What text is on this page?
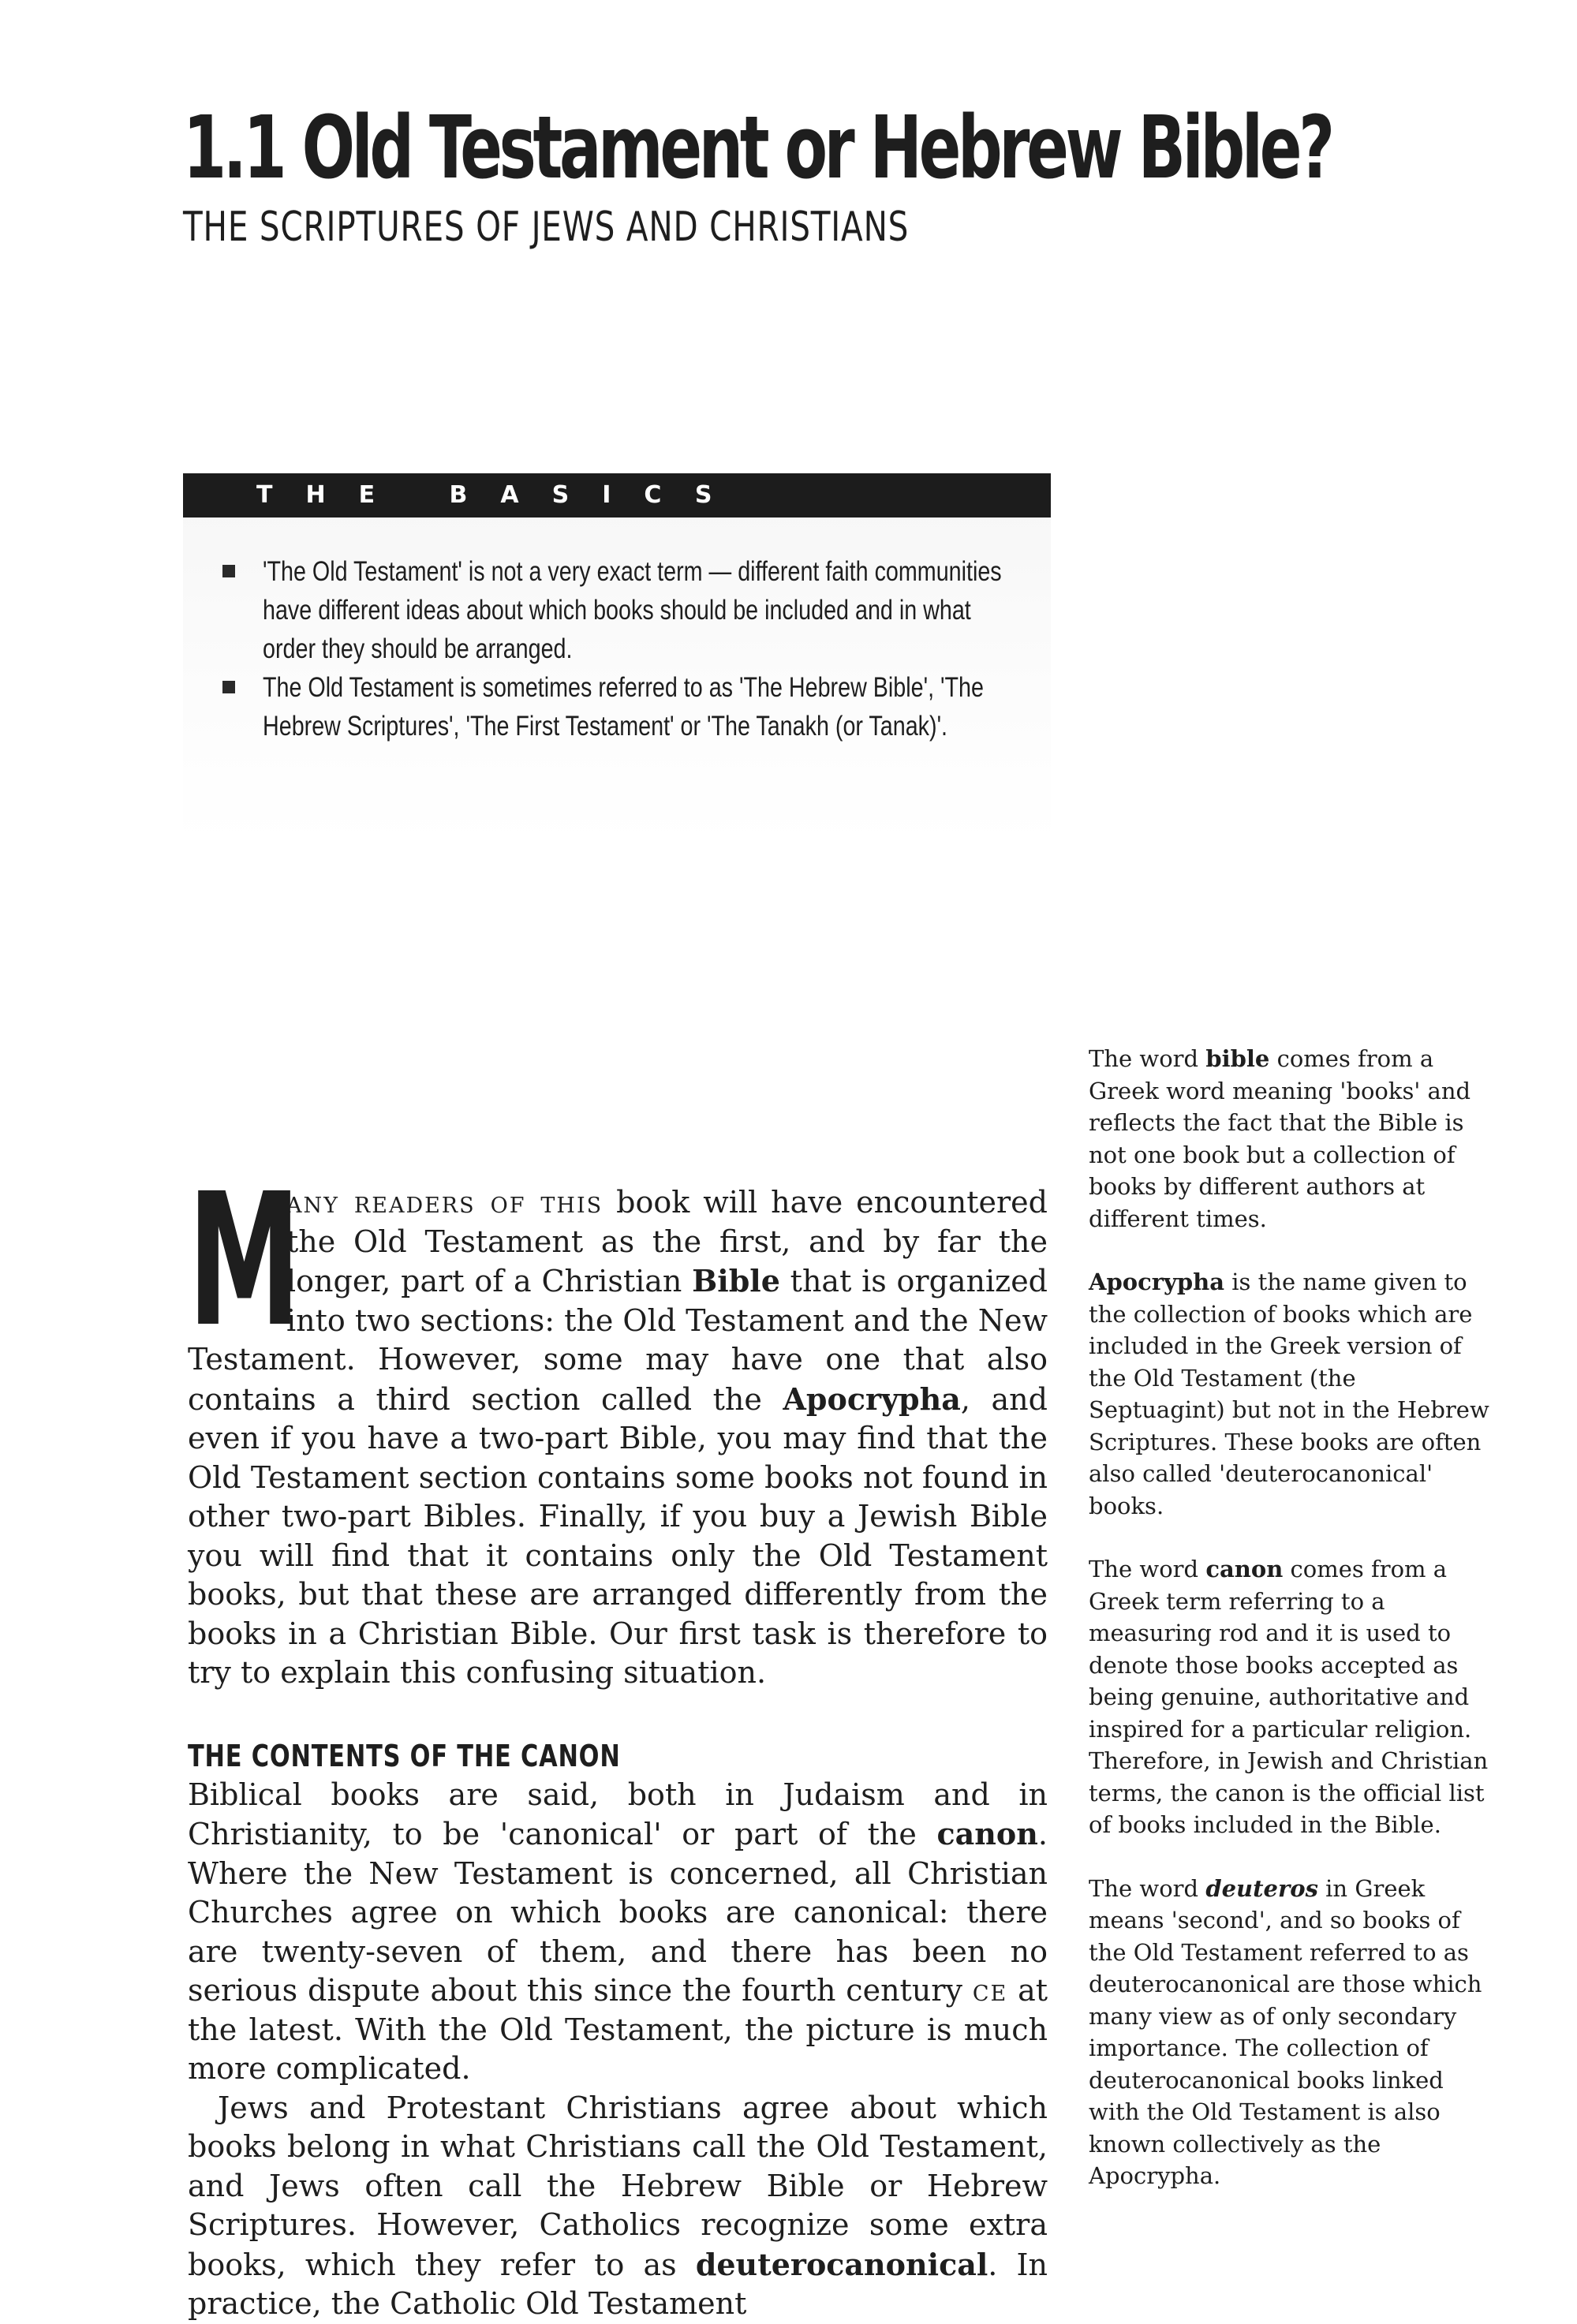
1.1 Old Testament or Hebrew Bible?
THE SCRIPTURES OF JEWS AND CHRISTIANS
THE BASICS
'The Old Testament' is not a very exact term — different faith communities have different ideas about which books should be included and in what order they should be arranged.
The Old Testament is sometimes referred to as 'The Hebrew Bible', 'The Hebrew Scriptures', 'The First Testament' or 'The Tanakh (or Tanak)'.

M
any readers of this book will have encountered the Old Testament as the first, and by far the longer, part of a Christian Bible that is organized into two sections: the Old Testament and the New Testament. However, some may have one that also contains a third section called the Apocrypha, and even if you have a two-part Bible, you may find that the Old Testament section contains some books not found in other two-part Bibles. Finally, if you buy a Jewish Bible you will find that it contains only the Old Testament books, but that these are arranged differently from the books in a Christian Bible. Our first task is therefore to try to explain this confusing situation.

THE CONTENTS OF THE CANON

Biblical books are said, both in Judaism and in Christianity, to be 'canonical' or part of the canon. Where the New Testament is concerned, all Christian Churches agree on which books are canonical: there are twenty-seven of them, and there has been no serious dispute about this since the fourth century ce at the latest. With the Old Testament, the picture is much more complicated.

Jews and Protestant Christians agree about which books belong in what Christians call the Old Testament, and Jews often call the Hebrew Bible or Hebrew Scriptures. However, Catholics recognize some extra books, which they refer to as deuterocanonical. In practice, the Catholic Old Testament

The word bible comes from a Greek word meaning 'books' and reflects the fact that the Bible is not one book but a collection of books by different authors at different times.

Apocrypha is the name given to the collection of books which are included in the Greek version of the Old Testament (the Septuagint) but not in the Hebrew Scriptures. These books are often also called 'deuterocanonical' books.

The word canon comes from a Greek term referring to a measuring rod and it is used to denote those books accepted as being genuine, authoritative and inspired for a particular religion. Therefore, in Jewish and Christian terms, the canon is the official list of books included in the Bible.

The word deuteros in Greek means 'second', and so books of the Old Testament referred to as deuterocanonical are those which many view as of only secondary importance. The collection of deuterocanonical books linked with the Old Testament is also known collectively as the Apocrypha.
